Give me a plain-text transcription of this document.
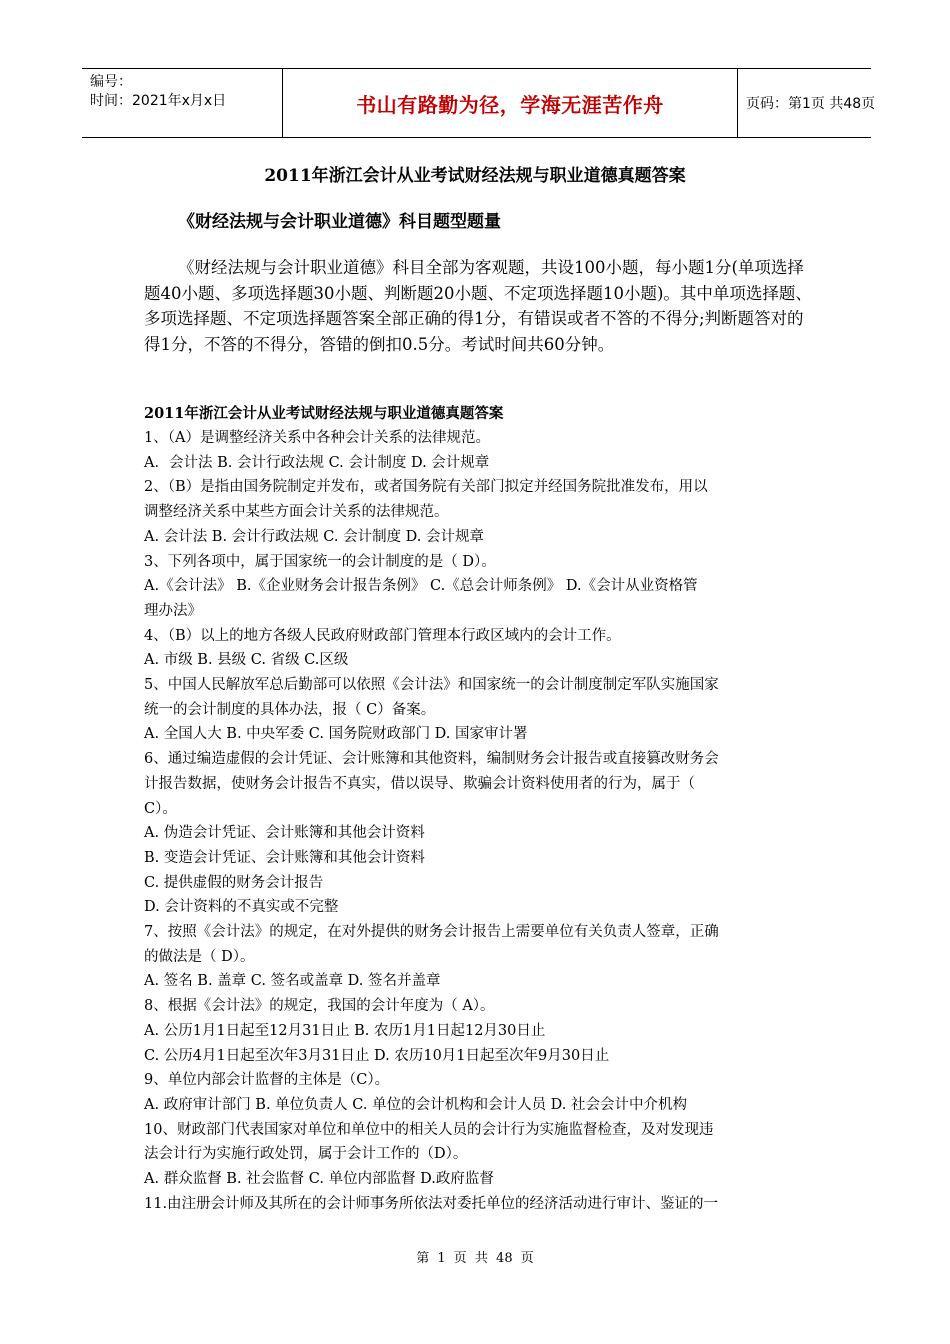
编号：
时间：2021年x月x日	书山有路勤为径，学海无涯苦作舟	页码：第1页 共48页
2011年浙江会计从业考试财经法规与职业道德真题答案
《财经法规与会计职业道德》科目题型题量
《财经法规与会计职业道德》科目全部为客观题，共设100小题，每小题1分(单项选择题40小题、多项选择题30小题、判断题20小题、不定项选择题10小题)。其中单项选择题、多项选择题、不定项选择题答案全部正确的得1分，有错误或者不答的不得分;判断题答对的得1分，不答的不得分，答错的倒扣0.5分。考试时间共60分钟。
2011年浙江会计从业考试财经法规与职业道德真题答案
1、（A）是调整经济关系中各种会计关系的法律规范。
A．会计法 B. 会计行政法规 C. 会计制度 D. 会计规章
2、（B）是指由国务院制定并发布，或者国务院有关部门拟定并经国务院批准发布，用以
调整经济关系中某些方面会计关系的法律规范。
A. 会计法 B. 会计行政法规 C. 会计制度 D. 会计规章
3、下列各项中，属于国家统一的会计制度的是（ D）。
A.《会计法》 B.《企业财务会计报告条例》 C.《总会计师条例》 D.《会计从业资格管
理办法》
4、（B）以上的地方各级人民政府财政部门管理本行政区域内的会计工作。
A. 市级 B. 县级 C. 省级 C.区级
5、中国人民解放军总后勤部可以依照《会计法》和国家统一的会计制度制定军队实施国家
统一的会计制度的具体办法，报（ C）备案。
A. 全国人大 B. 中央军委 C. 国务院财政部门 D. 国家审计署
6、通过编造虚假的会计凭证、会计账簿和其他资料，编制财务会计报告或直接篡改财务会
计报告数据，使财务会计报告不真实，借以误导、欺骗会计资料使用者的行为，属于（
C）。
A. 伪造会计凭证、会计账簿和其他会计资料
B. 变造会计凭证、会计账簿和其他会计资料
C. 提供虚假的财务会计报告
D. 会计资料的不真实或不完整
7、按照《会计法》的规定，在对外提供的财务会计报告上需要单位有关负责人签章，正确
的做法是（ D）。
A. 签名 B. 盖章 C. 签名或盖章 D. 签名并盖章
8、根据《会计法》的规定，我国的会计年度为（ A）。
A. 公历1月1日起至12月31日止 B. 农历1月1日起12月30日止
C. 公历4月1日起至次年3月31日止 D. 农历10月1日起至次年9月30日止
9、单位内部会计监督的主体是（C）。
A. 政府审计部门 B. 单位负责人 C. 单位的会计机构和会计人员 D. 社会会计中介机构
10、财政部门代表国家对单位和单位中的相关人员的会计行为实施监督检查，及对发现违
法会计行为实施行政处罚，属于会计工作的（D）。
A. 群众监督 B. 社会监督 C. 单位内部监督 D.政府监督
11.由注册会计师及其所在的会计师事务所依法对委托单位的经济活动进行审计、鉴证的一
第 1 页 共 48 页
